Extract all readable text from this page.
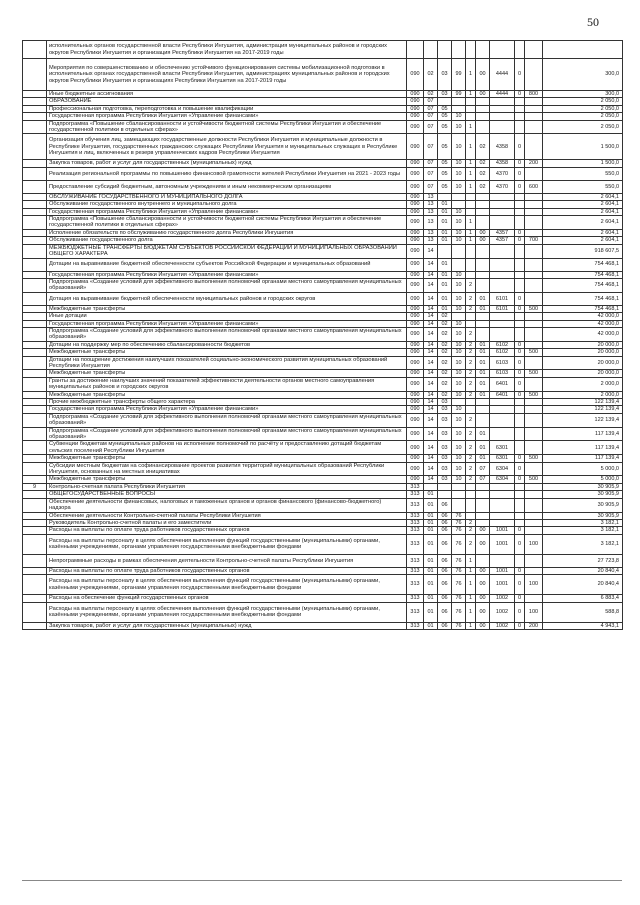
50
	исполнительных органов государственной власти Республики Ингушетия, администрация муниципальных районов и городских округов Республики Ингушетия и организация Республики Ингушетия на 2017-2019 годы										
	Мероприятия по совершенствованию и обеспечению устойчивого функционирования системы мобилизационной подготовки в исполнительных органах государственной власти Республики Ингушетия, администрациях муниципальных районов и городских округов Республики Ингушетия и организациях Республики Ингушетия на 2017-2019 годы	090	02	03	99	1	00	4444	0		300,0
	Иные бюджетные ассигнования	090	02	03	99	1	00	4444	0	800	300,0
	ОБРАЗОВАНИЕ	090	07								2 050,0
	Профессиональная подготовка, переподготовка и повышение квалификации	090	07	05							2 050,0
	Государственная программа Республики Ингушетия «Управление финансами»	090	07	05	10						2 050,0
	Подпрограмма «Повышение сбалансированности и устойчивости бюджетной системы Республики Ингушетия и обеспечение государственной политики в отдельных сферах»	090	07	05	10	1					2 050,0
	Организация обучения лиц, замещающих государственные должности Республики Ингушетия и муниципальные должности в Республике Ингушетия, государственных гражданских служащих Республики Ингушетия и муниципальных служащих в Республике Ингушетия и лиц, включенных в резерв управленческих кадров Республики Ингушетия	090	07	05	10	1	02	4358	0		1 500,0
	Закупка товаров, работ и услуг для государственных (муниципальных) нужд	090	07	05	10	1	02	4358	0	200	1 500,0
	Реализация региональной программы по повышению финансовой грамотности жителей Республики Ингушетия на 2021 - 2023 годы	090	07	05	10	1	02	4370	0		550,0
	Предоставление субсидий бюджетным, автономным учреждениям и иным некоммерческим организациям	090	07	05	10	1	02	4370	0	600	550,0
	ОБСЛУЖИВАНИЕ ГОСУДАРСТВЕННОГО И МУНИЦИПАЛЬНОГО ДОЛГА	090	13								2 604,1
	Обслуживание государственного внутреннего и муниципального долга	090	13	01							2 604,1
	Государственная программа Республики Ингушетия «Управление финансами»	090	13	01	10						2 604,1
	Подпрограмма «Повышение сбалансированности и устойчивости бюджетной системы Республики Ингушетия и обеспечение государственной политики в отдельных сферах»	090	13	01	10	1					2 604,1
	Исполнение обязательств по обслуживанию государственного долга Республики Ингушетия	090	13	01	10	1	00	4357	0		2 604,1
	Обслуживание государственного долга	090	13	01	10	1	00	4357	0	700	2 604,1
	МЕЖБЮДЖЕТНЫЕ ТРАНСФЕРТЫ БЮДЖЕТАМ СУБЪЕКТОВ РОССИЙСКОЙ ФЕДЕРАЦИИ И МУНИЦИПАЛЬНЫХ ОБРАЗОВАНИЙ ОБЩЕГО ХАРАКТЕРА	090	14								918 607,5
	Дотации на выравнивание бюджетной обеспеченности субъектов Российской Федерации и муниципальных образований	090	14	01							754 468,1
	Государственная программа Республики Ингушетия «Управление финансами»	090	14	01	10						754 468,1
	Подпрограмма «Создание условий для эффективного выполнения полномочий органами местного самоуправления муниципальных образований»	090	14	01	10	2					754 468,1
	Дотация на выравнивание бюджетной обеспеченности муниципальных районов и городских округов	090	14	01	10	2	01	6101	0		754 468,1
	Межбюджетные трансферты	090	14	01	10	2	01	6101	0	500	754 468,1
	Иные дотации	090	14	02							42 000,0
	Государственная программа Республики Ингушетия «Управление финансами»	090	14	02	10						42 000,0
	Подпрограмма «Создание условий для эффективного выполнения полномочий органами местного самоуправления муниципальных образований»	090	14	02	10	2					42 000,0
	Дотации на поддержку мер по обеспечению сбалансированности бюджетов	090	14	02	10	2	01	6102	0		20 000,0
	Межбюджетные трансферты	090	14	02	10	2	01	6102	0	500	20 000,0
	Дотации на поощрение достижения наилучших показателей социально-экономического развития муниципальных образований Республики Ингушетия	090	14	02	10	2	01	6103	0		20 000,0
	Межбюджетные трансферты	090	14	02	10	2	01	6103	0	500	20 000,0
	Гранты за достижение наилучших значений показателей эффективности деятельности органов местного самоуправления муниципальных районов и городских округов	090	14	02	10	2	01	6401	0		2 000,0
	Межбюджетные трансферты	090	14	02	10	2	01	6401	0	500	2 000,0
	Прочие межбюджетные трансферты общего характера	090	14	03							122 139,4
	Государственная программа Республики Ингушетия «Управление финансами»	090	14	03	10						122 139,4
	Подпрограмма «Создание условий для эффективного выполнения полномочий органами местного самоуправления муниципальных образований»	090	14	03	10	2					122 139,4
	Подпрограмма «Создание условий для эффективного выполнения полномочий органами местного самоуправления муниципальных образований»	090	14	03	10	2	01				117 139,4
	Субвенции бюджетам муниципальных районов на исполнение полномочий по расчёту и предоставлению дотаций бюджетам сельских поселений Республики Ингушетия	090	14	03	10	2	01	6301			117 139,4
	Межбюджетные трансферты	090	14	03	10	2	01	6301	0	500	117 139,4
	Субсидии местным бюджетам на софинансирование проектов развития территорий муниципальных образований Республики Ингушетия, основанных на местных инициативах	090	14	03	10	2	07	6304	0		5 000,0
	Межбюджетные трансферты	090	14	03	10	2	07	6304	0	500	5 000,0
9	Контрольно-счетная палата Республики Ингушетия	313									30 905,9
	ОБЩЕГОСУДАРСТВЕННЫЕ ВОПРОСЫ	313	01								30 905,9
	Обеспечение деятельности финансовых, налоговых и таможенных органов и органов финансового (финансово-бюджетного) надзора	313	01	06							30 905,9
	Обеспечение деятельности Контрольно-счетной палаты Республики Ингушетия	313	01	06	76						30 905,9
	Руководитель Контрольно-счетной палаты и его заместители	313	01	06	76	2					3 182,1
	Расходы на выплаты по оплате труда работников государственных органов	313	01	06	76	2	00	1001	0		3 182,1
	Расходы на выплаты персоналу в целях обеспечения выполнения функций государственными (муниципальными) органами, казёнными учреждениями, органами управления государственными внебюджетными фондами	313	01	06	76	2	00	1001	0	100	3 182,1
	Непрограммные расходы в рамках обеспечения деятельности Контрольно-счетной палаты Республики Ингушетия	313	01	06	76	1					27 723,8
	Расходы на выплаты по оплате труда работников государственных органов	313	01	06	76	1	00	1001	0		20 840,4
	Расходы на выплаты персоналу в целях обеспечения выполнения функций государственными (муниципальными) органами, казёнными учреждениями, органами управления государственными внебюджетными фондами	313	01	06	76	1	00	1001	0	100	20 840,4
	Расходы на обеспечение функций государственных органов	313	01	06	76	1	00	1002	0		6 883,4
	Расходы на выплаты персоналу в целях обеспечения выполнения функций государственными (муниципальными) органами, казёнными учреждениями, органами управления государственными внебюджетными фондами	313	01	06	76	1	00	1002	0	100	588,8
	Закупка товаров, работ и услуг для государственных (муниципальных) нужд	313	01	06	76	1	00	1002	0	200	4 943,1
